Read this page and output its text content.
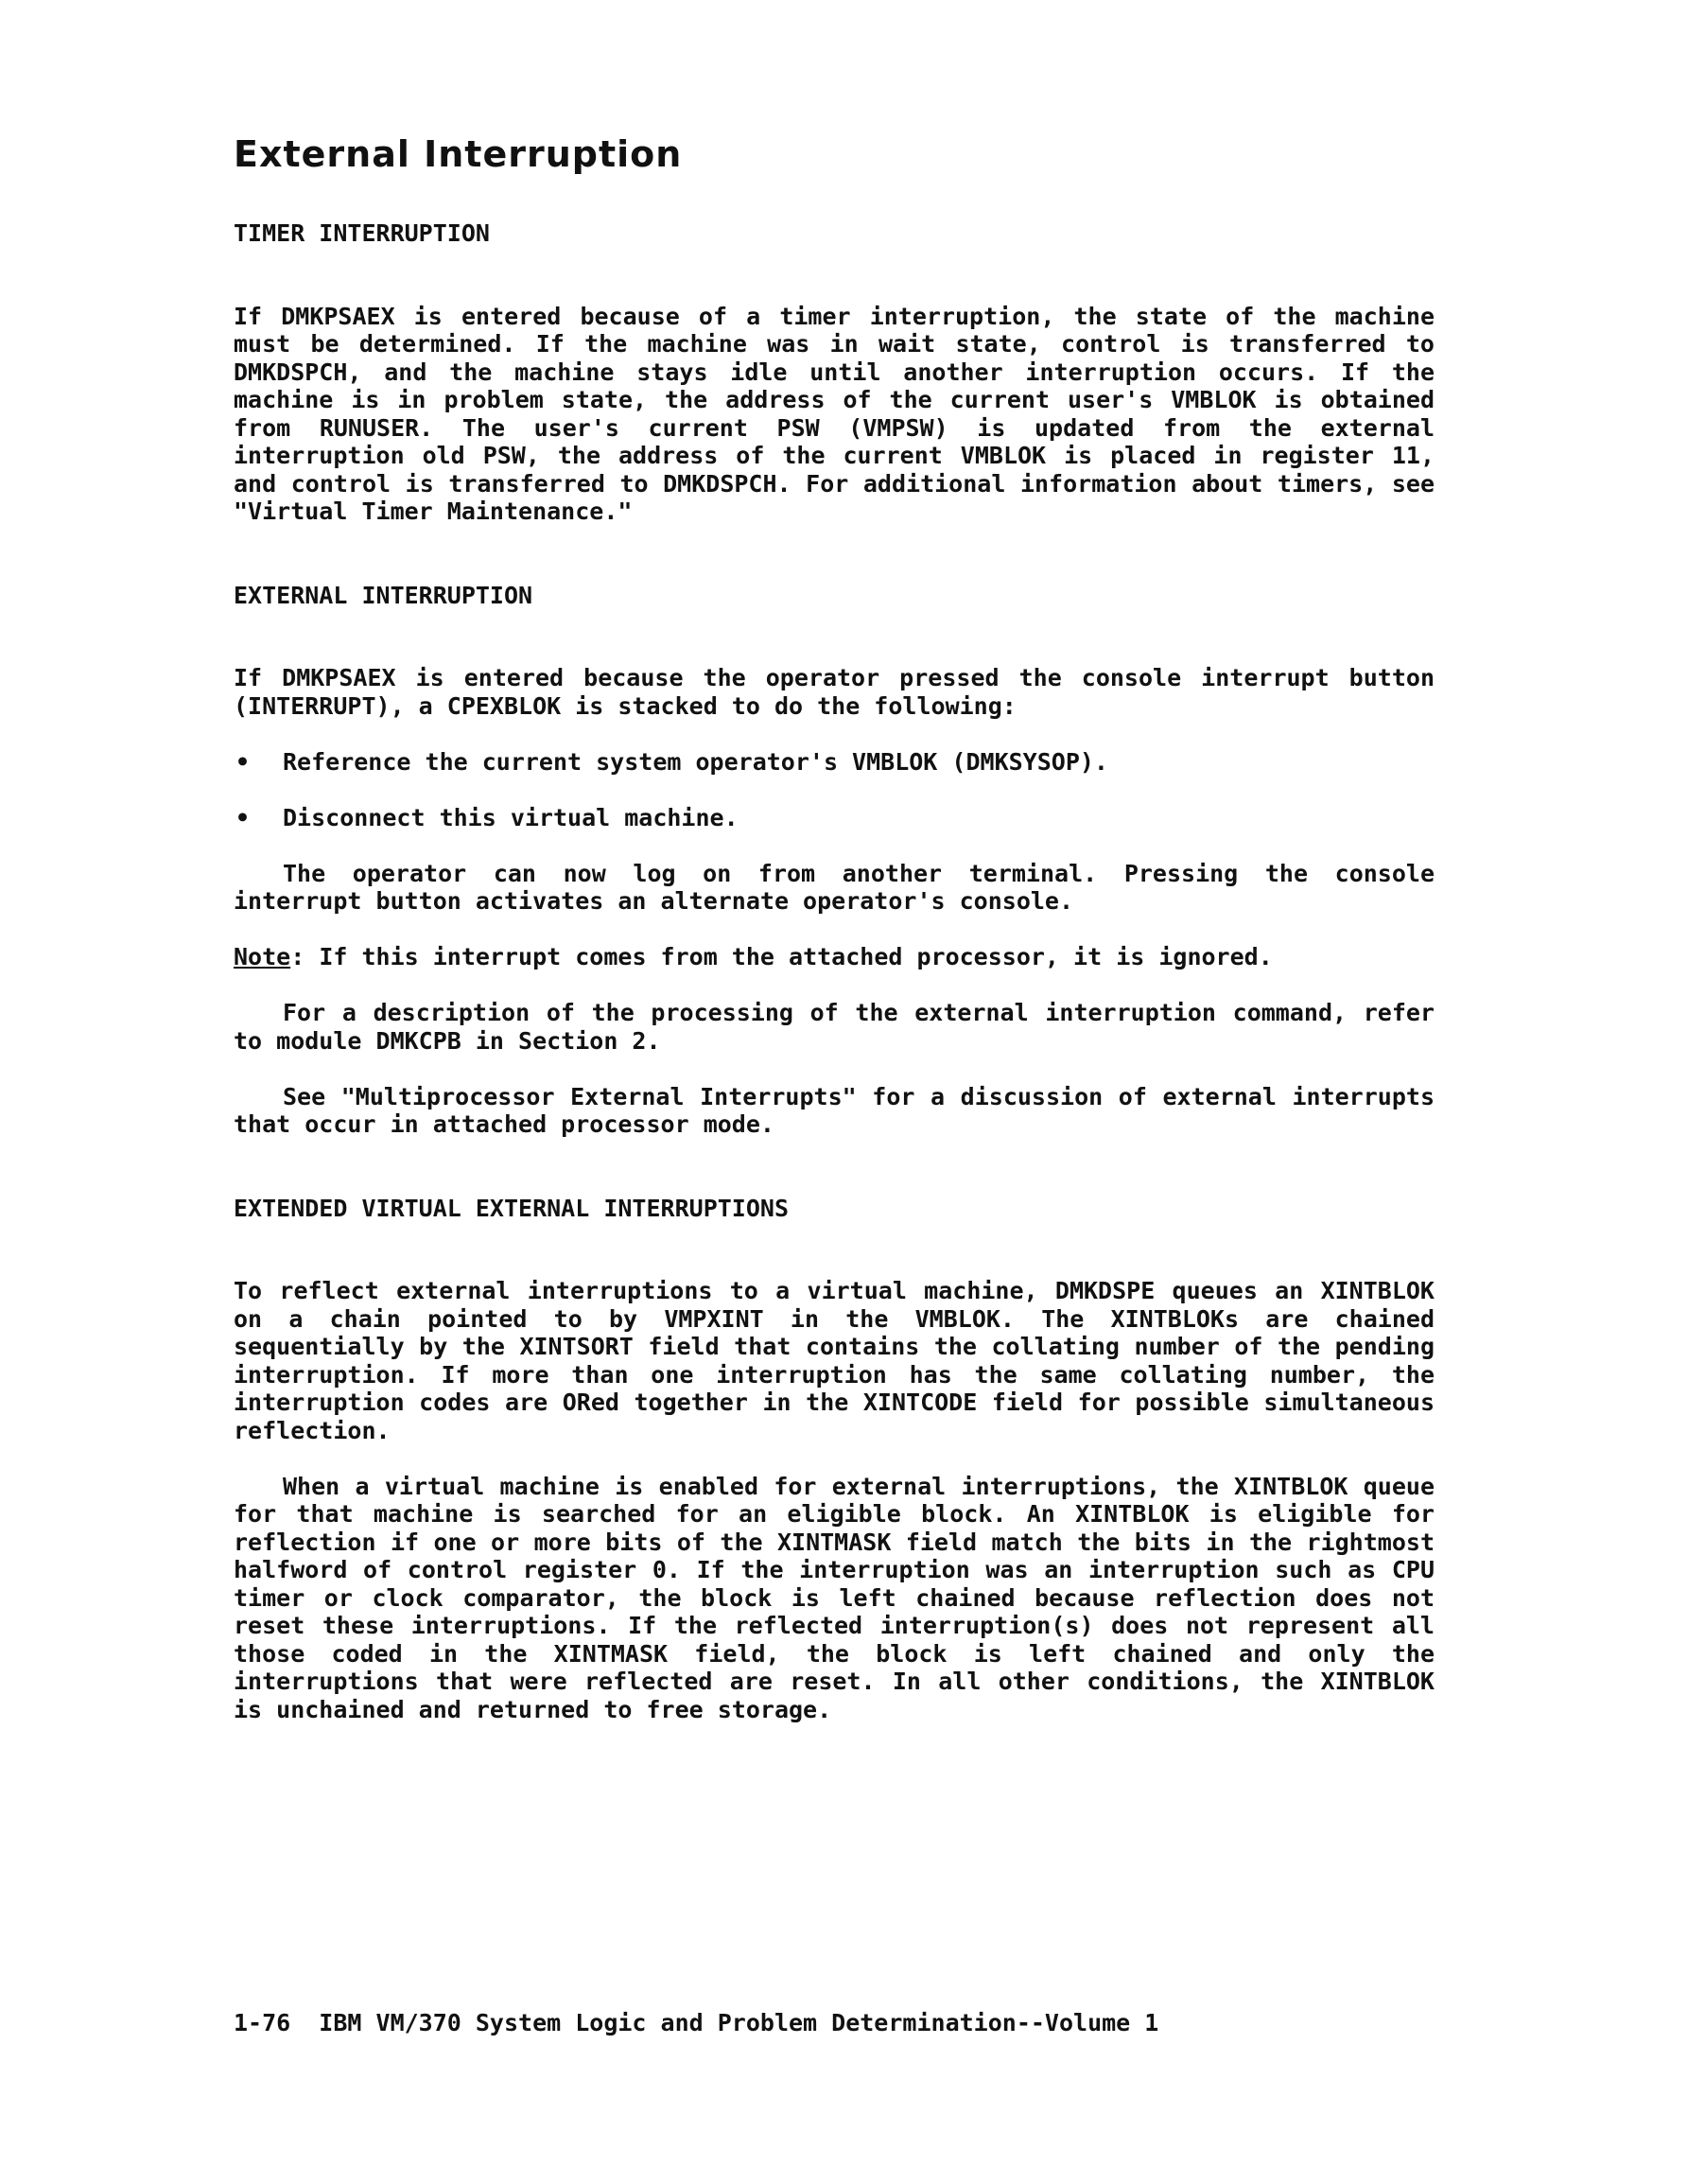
External Interruption
TIMER INTERRUPTION

If DMKPSAEX is entered because of a timer interruption, the state of the machine must be determined. If the machine was in wait state, control is transferred to DMKDSPCH, and the machine stays idle until another interruption occurs. If the machine is in problem state, the address of the current user's VMBLOK is obtained from RUNUSER. The user's current PSW (VMPSW) is updated from the external interruption old PSW, the address of the current VMBLOK is placed in register 11, and control is transferred to DMKDSPCH. For additional information about timers, see "Virtual Timer Maintenance."

EXTERNAL INTERRUPTION

If DMKPSAEX is entered because the operator pressed the console interrupt button (INTERRUPT), a CPEXBLOK is stacked to do the following:

• Reference the current system operator's VMBLOK (DMKSYSOP).
• Disconnect this virtual machine.

The operator can now log on from another terminal. Pressing the console interrupt button activates an alternate operator's console.

Note: If this interrupt comes from the attached processor, it is ignored.

For a description of the processing of the external interruption command, refer to module DMKCPB in Section 2.

See "Multiprocessor External Interrupts" for a discussion of external interrupts that occur in attached processor mode.

EXTENDED VIRTUAL EXTERNAL INTERRUPTIONS

To reflect external interruptions to a virtual machine, DMKDSPE queues an XINTBLOK on a chain pointed to by VMPXINT in the VMBLOK. The XINTBLOKs are chained sequentially by the XINTSORT field that contains the collating number of the pending interruption. If more than one interruption has the same collating number, the interruption codes are ORed together in the XINTCODE field for possible simultaneous reflection.

When a virtual machine is enabled for external interruptions, the XINTBLOK queue for that machine is searched for an eligible block. An XINTBLOK is eligible for reflection if one or more bits of the XINTMASK field match the bits in the rightmost halfword of control register 0. If the interruption was an interruption such as CPU timer or clock comparator, the block is left chained because reflection does not reset these interruptions. If the reflected interruption(s) does not represent all those coded in the XINTMASK field, the block is left chained and only the interruptions that were reflected are reset. In all other conditions, the XINTBLOK is unchained and returned to free storage.

1-76  IBM VM/370 System Logic and Problem Determination--Volume 1
